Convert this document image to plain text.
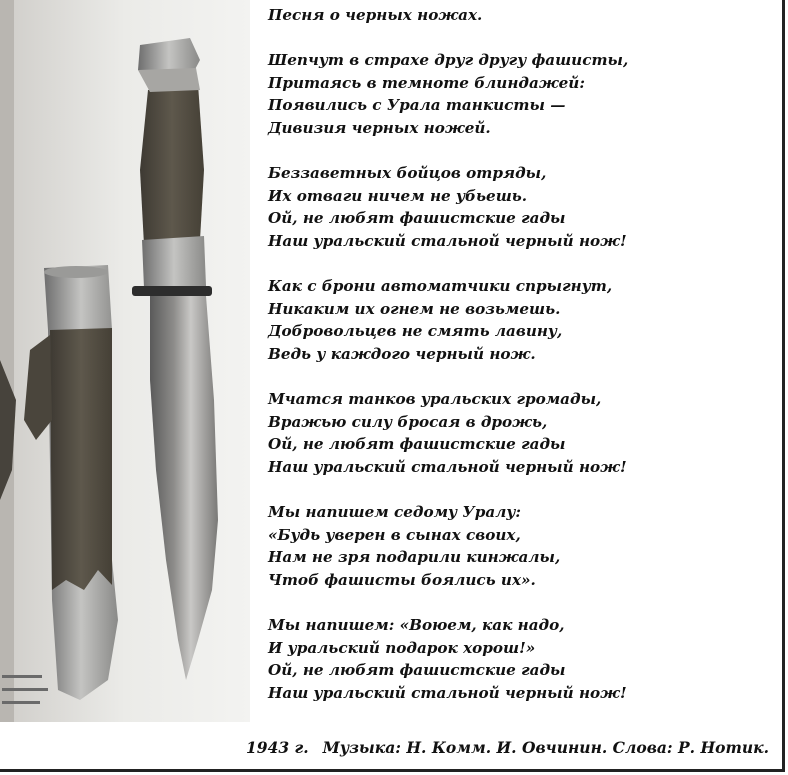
Песня о черных ножах.
Шепчут в страхе друг другу фашисты,
Притаясь в темноте блиндажей:
Появились с Урала танкисты —
Дивизия черных ножей.
Беззаветных бойцов отряды,
Их отваги ничем не убьешь.
Ой, не любят фашистские гады
Наш уральский стальной черный нож!
Как с брони автоматчики спрыгнут,
Никаким их огнем не возьмешь.
Добровольцев не смять лавину,
Ведь у каждого черный нож.
Мчатся танков уральских громады,
Вражью силу бросая в дрожь,
Ой, не любят фашистские гады
Наш уральский стальной черный нож!
Мы напишем седому Уралу:
«Будь уверен в сынах своих,
Нам не зря подарили кинжалы,
Чтоб фашисты боялись их».
Мы напишем: «Воюем, как надо,
И уральский подарок хорош!»
Ой, не любят фашистские гады
Наш уральский стальной черный нож!
1943 г. Музыка: Н. Комм. И. Овчинин. Слова: Р. Нотик.
